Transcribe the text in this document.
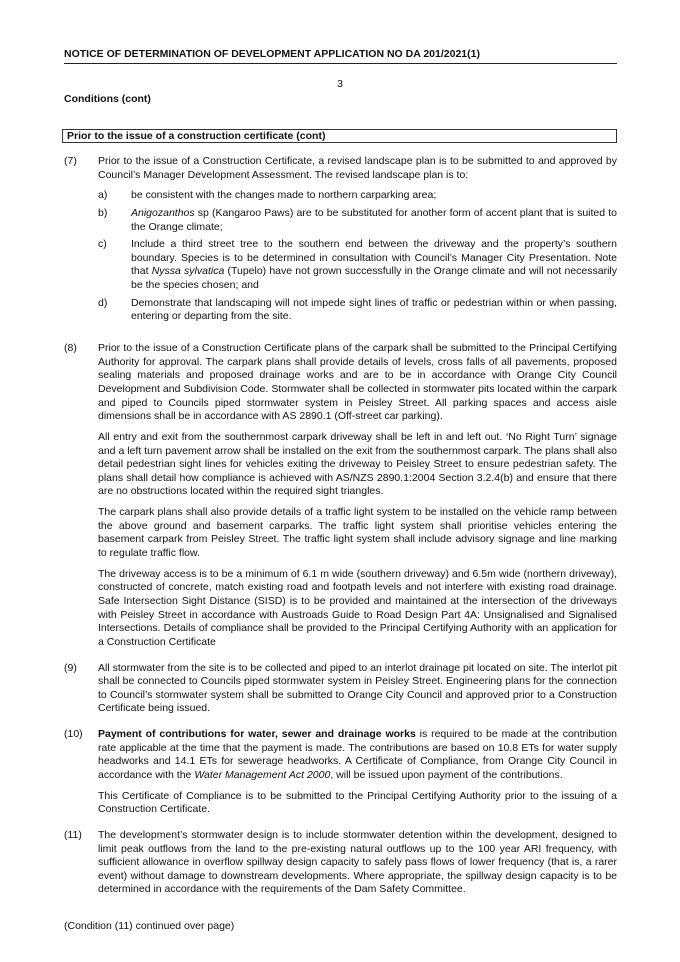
NOTICE OF DETERMINATION OF DEVELOPMENT APPLICATION NO DA 201/2021(1)
3
Conditions (cont)
Prior to the issue of a construction certificate (cont)
(7) Prior to the issue of a Construction Certificate, a revised landscape plan is to be submitted to and approved by Council’s Manager Development Assessment. The revised landscape plan is to:

a) be consistent with the changes made to northern carparking area;
b) Anigozanthos sp (Kangaroo Paws) are to be substituted for another form of accent plant that is suited to the Orange climate;
c) Include a third street tree to the southern end between the driveway and the property’s southern boundary. Species is to be determined in consultation with Council’s Manager City Presentation. Note that Nyssa sylvatica (Tupelo) have not grown successfully in the Orange climate and will not necessarily be the species chosen; and
d) Demonstrate that landscaping will not impede sight lines of traffic or pedestrian within or when passing, entering or departing from the site.
(8) Prior to the issue of a Construction Certificate plans of the carpark shall be submitted to the Principal Certifying Authority for approval. The carpark plans shall provide details of levels, cross falls of all pavements, proposed sealing materials and proposed drainage works and are to be in accordance with Orange City Council Development and Subdivision Code. Stormwater shall be collected in stormwater pits located within the carpark and piped to Councils piped stormwater system in Peisley Street. All parking spaces and access aisle dimensions shall be in accordance with AS 2890.1 (Off-street car parking).

All entry and exit from the southernmost carpark driveway shall be left in and left out. ‘No Right Turn’ signage and a left turn pavement arrow shall be installed on the exit from the southernmost carpark. The plans shall also detail pedestrian sight lines for vehicles exiting the driveway to Peisley Street to ensure pedestrian safety. The plans shall detail how compliance is achieved with AS/NZS 2890.1:2004 Section 3.2.4(b) and ensure that there are no obstructions located within the required sight triangles.

The carpark plans shall also provide details of a traffic light system to be installed on the vehicle ramp between the above ground and basement carparks. The traffic light system shall prioritise vehicles entering the basement carpark from Peisley Street. The traffic light system shall include advisory signage and line marking to regulate traffic flow.

The driveway access is to be a minimum of 6.1 m wide (southern driveway) and 6.5m wide (northern driveway), constructed of concrete, match existing road and footpath levels and not interfere with existing road drainage. Safe Intersection Sight Distance (SISD) is to be provided and maintained at the intersection of the driveways with Peisley Street in accordance with Austroads Guide to Road Design Part 4A: Unsignalised and Signalised Intersections. Details of compliance shall be provided to the Principal Certifying Authority with an application for a Construction Certificate

(9) All stormwater from the site is to be collected and piped to an interlot drainage pit located on site. The interlot pit shall be connected to Councils piped stormwater system in Peisley Street. Engineering plans for the connection to Council’s stormwater system shall be submitted to Orange City Council and approved prior to a Construction Certificate being issued.

(10) Payment of contributions for water, sewer and drainage works is required to be made at the contribution rate applicable at the time that the payment is made. The contributions are based on 10.8 ETs for water supply headworks and 14.1 ETs for sewerage headworks. A Certificate of Compliance, from Orange City Council in accordance with the Water Management Act 2000, will be issued upon payment of the contributions.

This Certificate of Compliance is to be submitted to the Principal Certifying Authority prior to the issuing of a Construction Certificate.

(11) The development’s stormwater design is to include stormwater detention within the development, designed to limit peak outflows from the land to the pre-existing natural outflows up to the 100 year ARI frequency, with sufficient allowance in overflow spillway design capacity to safely pass flows of lower frequency (that is, a rarer event) without damage to downstream developments. Where appropriate, the spillway design capacity is to be determined in accordance with the requirements of the Dam Safety Committee.

(Condition (11) continued over page)
